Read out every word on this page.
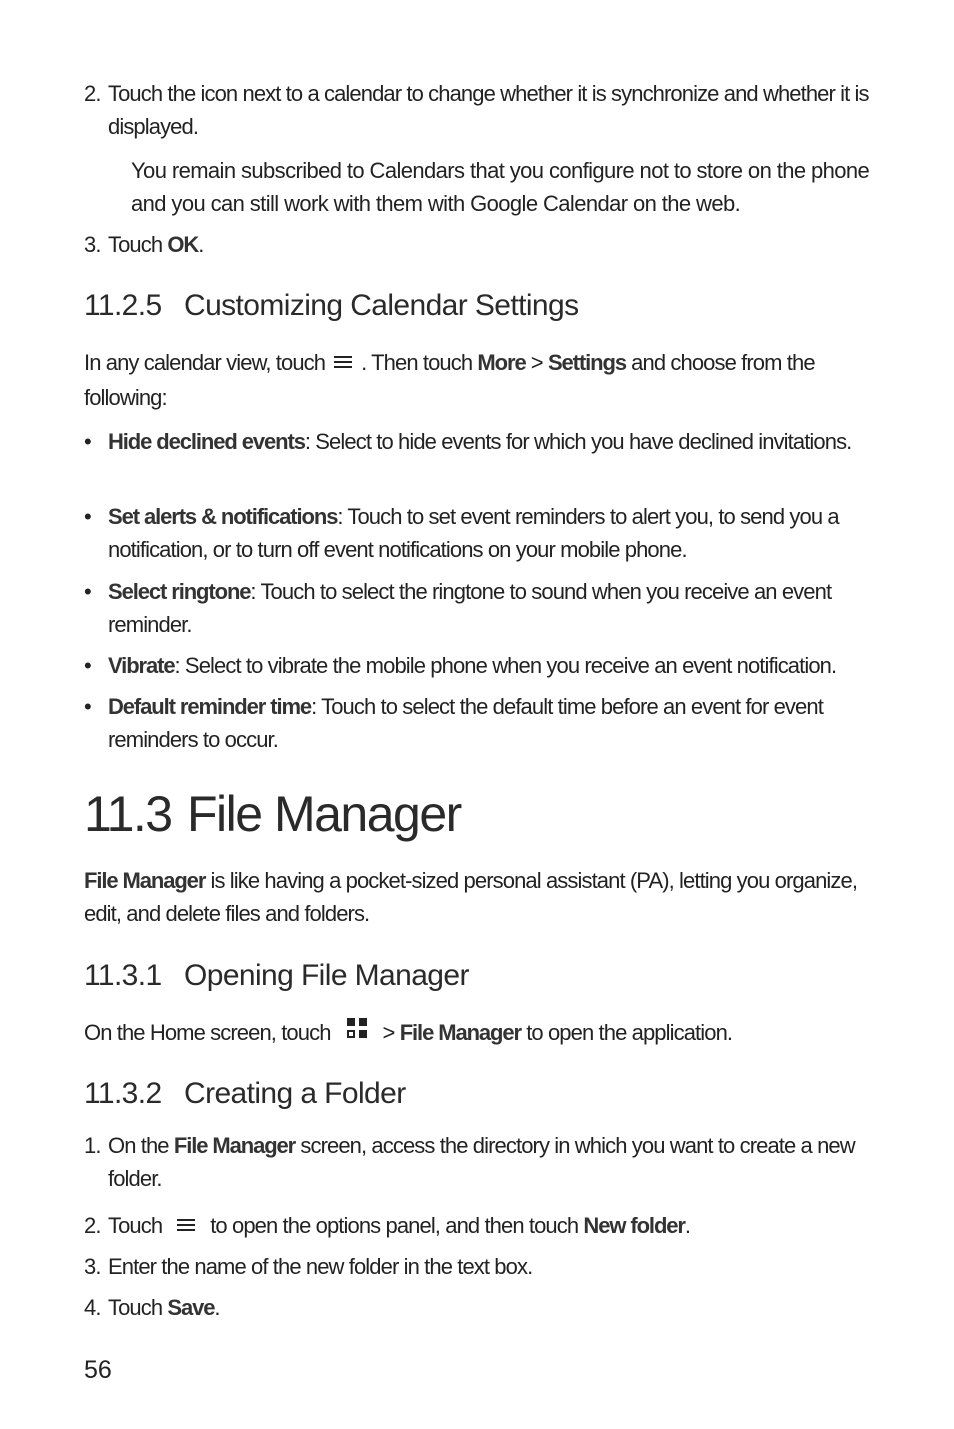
2. Touch the icon next to a calendar to change whether it is synchronize and whether it is displayed.
You remain subscribed to Calendars that you configure not to store on the phone and you can still work with them with Google Calendar on the web.
3. Touch OK.
11.2.5 Customizing Calendar Settings

In any calendar view, touch . Then touch More > Settings and choose from the following:

• Hide declined events: Select to hide events for which you have declined invitations.
• Set alerts & notifications: Touch to set event reminders to alert you, to send you a notification, or to turn off event notifications on your mobile phone.
• Select ringtone: Touch to select the ringtone to sound when you receive an event reminder.
• Vibrate: Select to vibrate the mobile phone when you receive an event notification.
• Default reminder time: Touch to select the default time before an event for event reminders to occur.
11.3 File Manager

File Manager is like having a pocket-sized personal assistant (PA), letting you organize, edit, and delete files and folders.

11.3.1 Opening File Manager

On the Home screen, touch > File Manager to open the application.

11.3.2 Creating a Folder
1. On the File Manager screen, access the directory in which you want to create a new folder.
2. Touch to open the options panel, and then touch New folder.
3. Enter the name of the new folder in the text box.
4. Touch Save.
56
